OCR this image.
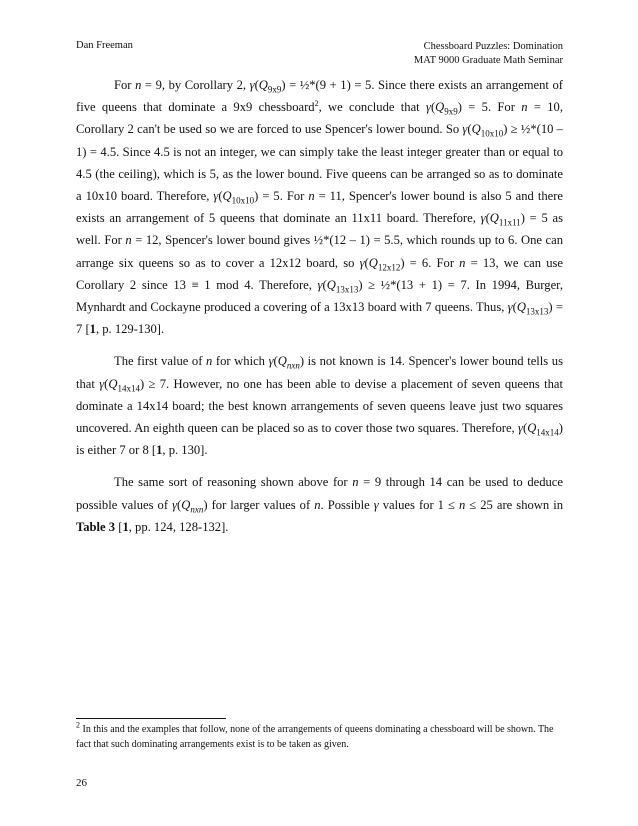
Dan Freeman	Chessboard Puzzles: Domination
MAT 9000 Graduate Math Seminar

For n = 9, by Corollary 2, $\gamma(Q_{9x9})$ = ½*(9 + 1) = 5. Since there exists an arrangement of five queens that dominate a 9x9 chessboard$^2$, we conclude that $\gamma(Q_{9x9}) = 5$. For n = 10, Corollary 2 can't be used so we are forced to use Spencer's lower bound. So $\gamma(Q_{10x10})$ ≥ ½*(10 – 1) = 4.5. Since 4.5 is not an integer, we can simply take the least integer greater than or equal to 4.5 (the ceiling), which is 5, as the lower bound. Five queens can be arranged so as to dominate a 10x10 board. Therefore, $\gamma(Q_{10x10}) = 5$. For n = 11, Spencer's lower bound is also 5 and there exists an arrangement of 5 queens that dominate an 11x11 board. Therefore, $\gamma(Q_{11x11}) = 5$ as well. For n = 12, Spencer's lower bound gives ½*(12 – 1) = 5.5, which rounds up to 6. One can arrange six queens so as to cover a 12x12 board, so $\gamma(Q_{12x12}) = 6$. For n = 13, we can use Corollary 2 since 13 ≡ 1 mod 4. Therefore, $\gamma(Q_{13x13})$ ≥ ½*(13 + 1) = 7. In 1994, Burger, Mynhardt and Cockayne produced a covering of a 13x13 board with 7 queens. Thus, $\gamma(Q_{13x13}) = 7$ [1, p. 129-130].

The first value of n for which $\gamma(Q_{nxn})$ is not known is 14. Spencer's lower bound tells us that $\gamma(Q_{14x14}) \ge 7$. However, no one has been able to devise a placement of seven queens that dominate a 14x14 board; the best known arrangements of seven queens leave just two squares uncovered. An eighth queen can be placed so as to cover those two squares. Therefore, $\gamma(Q_{14x14})$ is either 7 or 8 [1, p. 130].

The same sort of reasoning shown above for n = 9 through 14 can be used to deduce possible values of $\gamma(Q_{nxn})$ for larger values of n. Possible γ values for 1 ≤ n ≤ 25 are shown in Table 3 [1, pp. 124, 128-132].

$^2$ In this and the examples that follow, none of the arrangements of queens dominating a chessboard will be shown. The fact that such dominating arrangements exist is to be taken as given.
26
